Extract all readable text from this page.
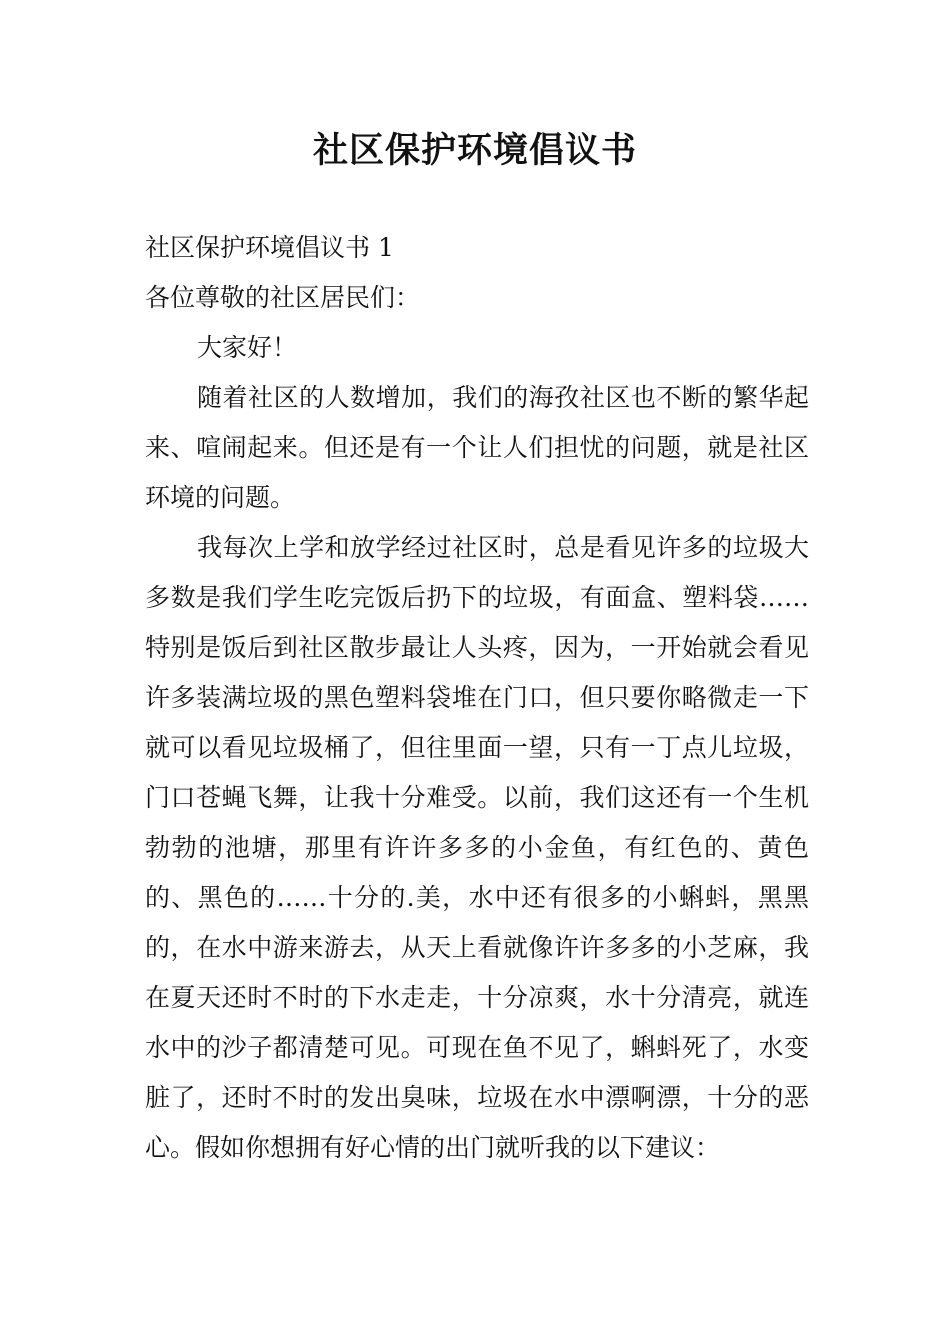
社区保护环境倡议书

社区保护环境倡议书 1

各位尊敬的社区居民们：

大家好！

随着社区的人数增加，我们的海孜社区也不断的繁华起来、喧闹起来。但还是有一个让人们担忧的问题，就是社区环境的问题。

我每次上学和放学经过社区时，总是看见许多的垃圾大多数是我们学生吃完饭后扔下的垃圾，有面盒、塑料袋……特别是饭后到社区散步最让人头疼，因为，一开始就会看见许多装满垃圾的黑色塑料袋堆在门口，但只要你略微走一下就可以看见垃圾桶了，但往里面一望，只有一丁点儿垃圾，门口苍蝇飞舞，让我十分难受。以前，我们这还有一个生机勃勃的池塘，那里有许许多多的小金鱼，有红色的、黄色的、黑色的……十分的.美，水中还有很多的小蝌蚪，黑黑的，在水中游来游去，从天上看就像许许多多的小芝麻，我在夏天还时不时的下水走走，十分凉爽，水十分清亮，就连水中的沙子都清楚可见。可现在鱼不见了，蝌蚪死了，水变脏了，还时不时的发出臭味，垃圾在水中漂啊漂，十分的恶心。假如你想拥有好心情的出门就听我的以下建议：
